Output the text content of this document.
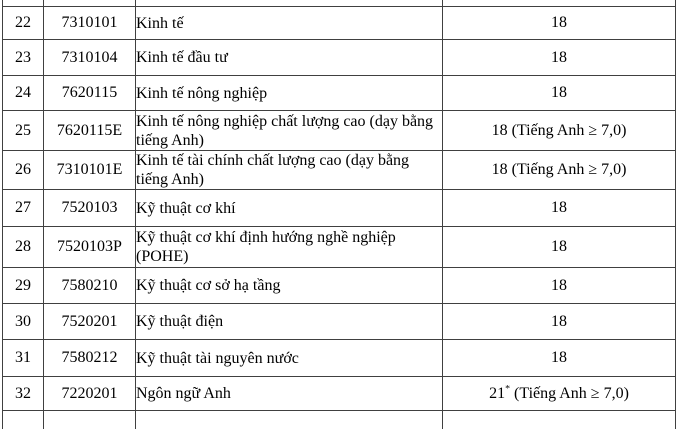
22	7310101	Kinh tế	18
23	7310104	Kinh tế đầu tư	18
24	7620115	Kinh tế nông nghiệp	18
25	7620115E	Kinh tế nông nghiệp chất lượng cao (dạy bằng tiếng Anh)	18 (Tiếng Anh ≥ 7,0)
26	7310101E	Kinh tế tài chính chất lượng cao (dạy bằng tiếng Anh)	18 (Tiếng Anh ≥ 7,0)
27	7520103	Kỹ thuật cơ khí	18
28	7520103P	Kỹ thuật cơ khí định hướng nghề nghiệp (POHE)	18
29	7580210	Kỹ thuật cơ sở hạ tầng	18
30	7520201	Kỹ thuật điện	18
31	7580212	Kỹ thuật tài nguyên nước	18
32	7220201	Ngôn ngữ Anh	21* (Tiếng Anh ≥ 7,0)
